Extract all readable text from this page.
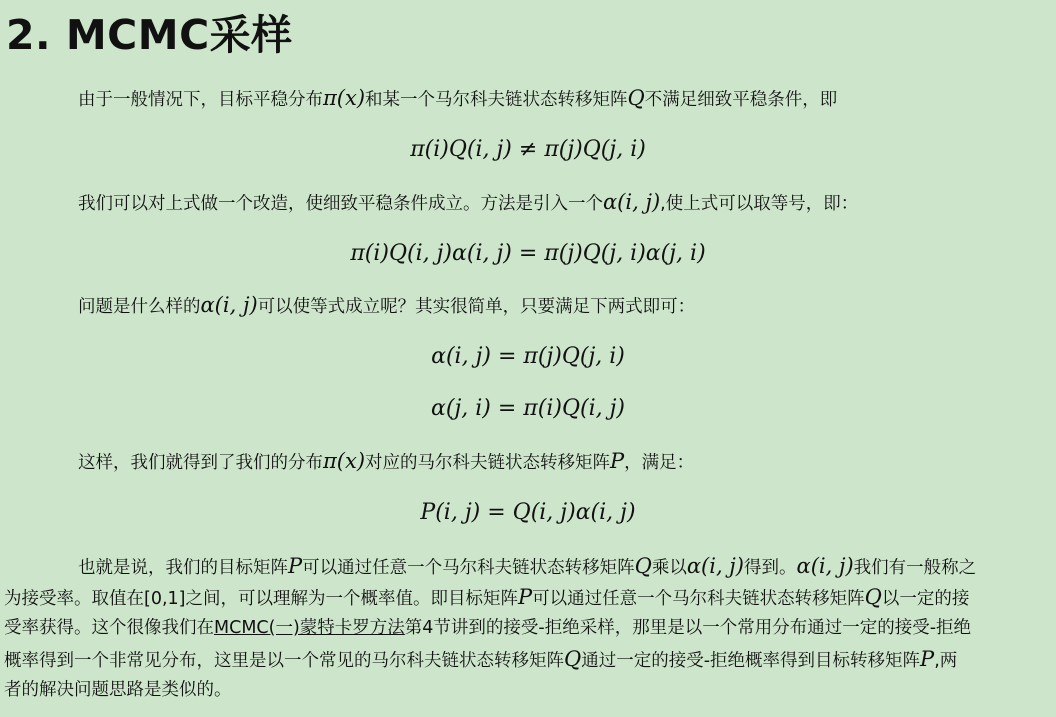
2. MCMC采样

由于一般情况下，目标平稳分布π(x)和某一个马尔科夫链状态转移矩阵Q不满足细致平稳条件，即

π(i)Q(i, j) ≠ π(j)Q(j, i)

我们可以对上式做一个改造，使细致平稳条件成立。方法是引入一个α(i, j),使上式可以取等号，即：

π(i)Q(i, j)α(i, j) = π(j)Q(j, i)α(j, i)

问题是什么样的α(i, j)可以使等式成立呢？其实很简单，只要满足下两式即可：

α(i, j) = π(j)Q(j, i)
α(j, i) = π(i)Q(i, j)

这样，我们就得到了我们的分布π(x)对应的马尔科夫链状态转移矩阵P，满足：

P(i, j) = Q(i, j)α(i, j)
也就是说，我们的目标矩阵P可以通过任意一个马尔科夫链状态转移矩阵Q乘以α(i, j)得到。α(i, j)我们有一般称之
为接受率。取值在[0,1]之间，可以理解为一个概率值。即目标矩阵P可以通过任意一个马尔科夫链状态转移矩阵Q以一定的接
受率获得。这个很像我们在MCMC(一)蒙特卡罗方法第4节讲到的接受-拒绝采样，那里是以一个常用分布通过一定的接受-拒绝
概率得到一个非常见分布，这里是以一个常见的马尔科夫链状态转移矩阵Q通过一定的接受-拒绝概率得到目标转移矩阵P,两
者的解决问题思路是类似的。
